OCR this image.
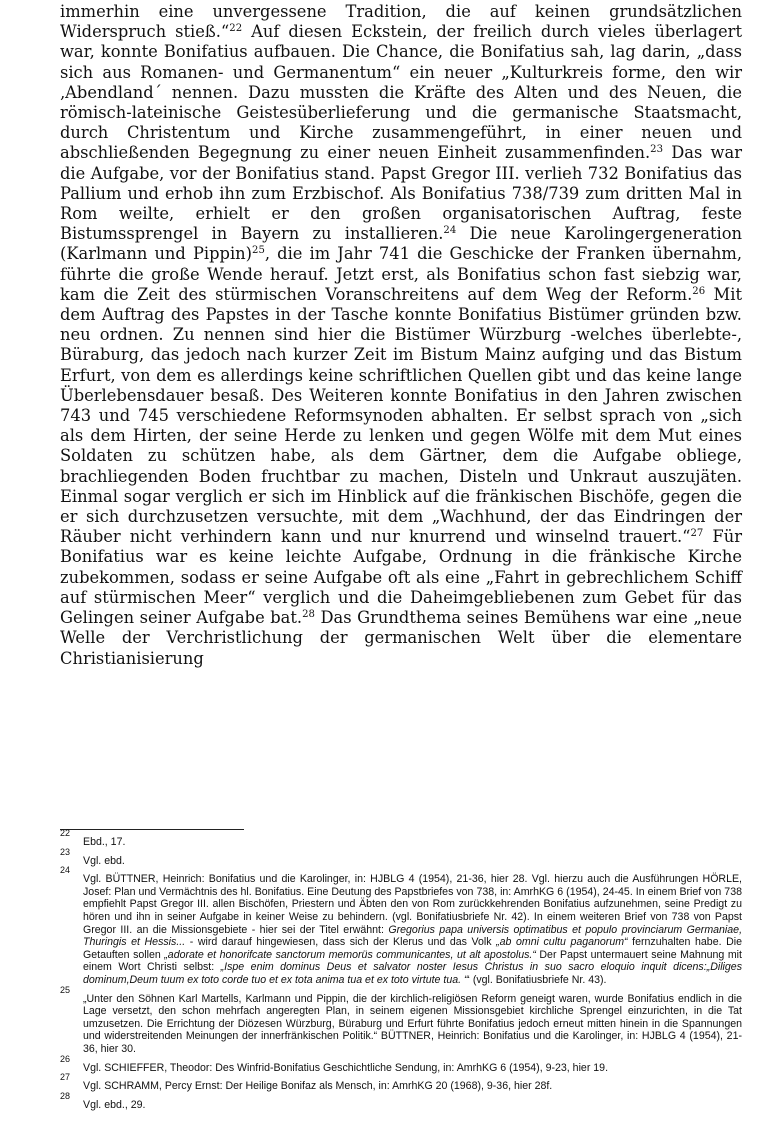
immerhin eine unvergessene Tradition, die auf keinen grundsätzlichen Widerspruch stieß.“$^{22}$ Auf diesen Eckstein, der freilich durch vieles überlagert war, konnte Bonifatius aufbauen. Die Chance, die Bonifatius sah, lag darin, „dass sich aus Romanen- und Germanentum“ ein neuer „Kulturkreis forme, den wir ‚Abendland´ nennen. Dazu mussten die Kräfte des Alten und des Neuen, die römisch-lateinische Geistesüberlieferung und die germanische Staatsmacht, durch Christentum und Kirche zusammengeführt, in einer neuen und abschließenden Begegnung zu einer neuen Einheit zusammenfinden.$^{23}$ Das war die Aufgabe, vor der Bonifatius stand. Papst Gregor III. verlieh 732 Bonifatius das Pallium und erhob ihn zum Erzbischof. Als Bonifatius 738/739 zum dritten Mal in Rom weilte, erhielt er den großen organisatorischen Auftrag, feste Bistumssprengel in Bayern zu installieren.$^{24}$ Die neue Karolingergeneration (Karlmann und Pippin)$^{25}$, die im Jahr 741 die Geschicke der Franken übernahm, führte die große Wende herauf. Jetzt erst, als Bonifatius schon fast siebzig war, kam die Zeit des stürmischen Voranschreitens auf dem Weg der Reform.$^{26}$ Mit dem Auftrag des Papstes in der Tasche konnte Bonifatius Bistümer gründen bzw. neu ordnen. Zu nennen sind hier die Bistümer Würzburg -welches überlebte-, Büraburg, das jedoch nach kurzer Zeit im Bistum Mainz aufging und das Bistum Erfurt, von dem es allerdings keine schriftlichen Quellen gibt und das keine lange Überlebensdauer besaß. Des Weiteren konnte Bonifatius in den Jahren zwischen 743 und 745 verschiedene Reformsynoden abhalten. Er selbst sprach von „sich als dem Hirten, der seine Herde zu lenken und gegen Wölfe mit dem Mut eines Soldaten zu schützen habe, als dem Gärtner, dem die Aufgabe obliege, brachliegenden Boden fruchtbar zu machen, Disteln und Unkraut auszujäten. Einmal sogar verglich er sich im Hinblick auf die fränkischen Bischöfe, gegen die er sich durchzusetzen versuchte, mit dem „Wachhund, der das Eindringen der Räuber nicht verhindern kann und nur knurrend und winselnd trauert.“$^{27}$ Für Bonifatius war es keine leichte Aufgabe, Ordnung in die fränkische Kirche zubekommen, sodass er seine Aufgabe oft als eine „Fahrt in gebrechlichem Schiff auf stürmischen Meer“ verglich und die Daheimgebliebenen zum Gebet für das Gelingen seiner Aufgabe bat.$^{28}$ Das Grundthema seines Bemühens war eine „neue Welle der Verchristlichung der germanischen Welt über die elementare Christianisierung

22
Ebd., 17.
23
Vgl. ebd.
24
Vgl. BÜTTNER, Heinrich: Bonifatius und die Karolinger, in: HJBLG 4 (1954), 21-36, hier 28. Vgl. hierzu auch die Ausführungen HÖRLE, Josef: Plan und Vermächtnis des hl. Bonifatius. Eine Deutung des Papstbriefes von 738, in: AmrhKG 6 (1954), 24-45. In einem Brief von 738 empfiehlt Papst Gregor III. allen Bischöfen, Priestern und Äbten den von Rom zurückkehrenden Bonifatius aufzunehmen, seine Predigt zu hören und ihn in seiner Aufgabe in keiner Weise zu behindern. (vgl. Bonifatiusbriefe Nr. 42). In einem weiteren Brief von 738 von Papst Gregor III. an die Missionsgebiete - hier sei der Titel erwähnt: Gregorius papa universis optimatibus et populo provinciarum Germaniae, Thuringis et Hessis... - wird darauf hingewiesen, dass sich der Klerus und das Volk „ab omni cultu paganorum“ fernzuhalten habe. Die Getauften sollen „adorate et honorifcate sanctorum memorüs communicantes, ut alt apostolus.“ Der Papst untermauert seine Mahnung mit einem Wort Christi selbst: „Ispe enim dominus Deus et salvator noster Iesus Christus in suo sacro eloquio inquit dicens:„Diliges dominum,Deum tuum ex toto corde tuo et ex tota anima tua et ex toto virtute tua. “‘ (vgl. Bonifatiusbriefe Nr. 43).
25
„Unter den Söhnen Karl Martells, Karlmann und Pippin, die der kirchlich-religiösen Reform geneigt waren, wurde Bonifatius endlich in die Lage versetzt, den schon mehrfach angeregten Plan, in seinem eigenen Missionsgebiet kirchliche Sprengel einzurichten, in die Tat umzusetzen. Die Errichtung der Diözesen Würzburg, Büraburg und Erfurt führte Bonifatius jedoch erneut mitten hinein in die Spannungen und widerstreitenden Meinungen der innerfränkischen Politik.“ BÜTTNER, Heinrich: Bonifatius und die Karolinger, in: HJBLG 4 (1954), 21-36, hier 30.
26
Vgl. SCHIEFFER, Theodor: Des Winfrid-Bonifatius Geschichtliche Sendung, in: AmrhKG 6 (1954), 9-23, hier 19.
27
Vgl. SCHRAMM, Percy Ernst: Der Heilige Bonifaz als Mensch, in: AmrhKG 20 (1968), 9-36, hier 28f.
28
Vgl. ebd., 29.
